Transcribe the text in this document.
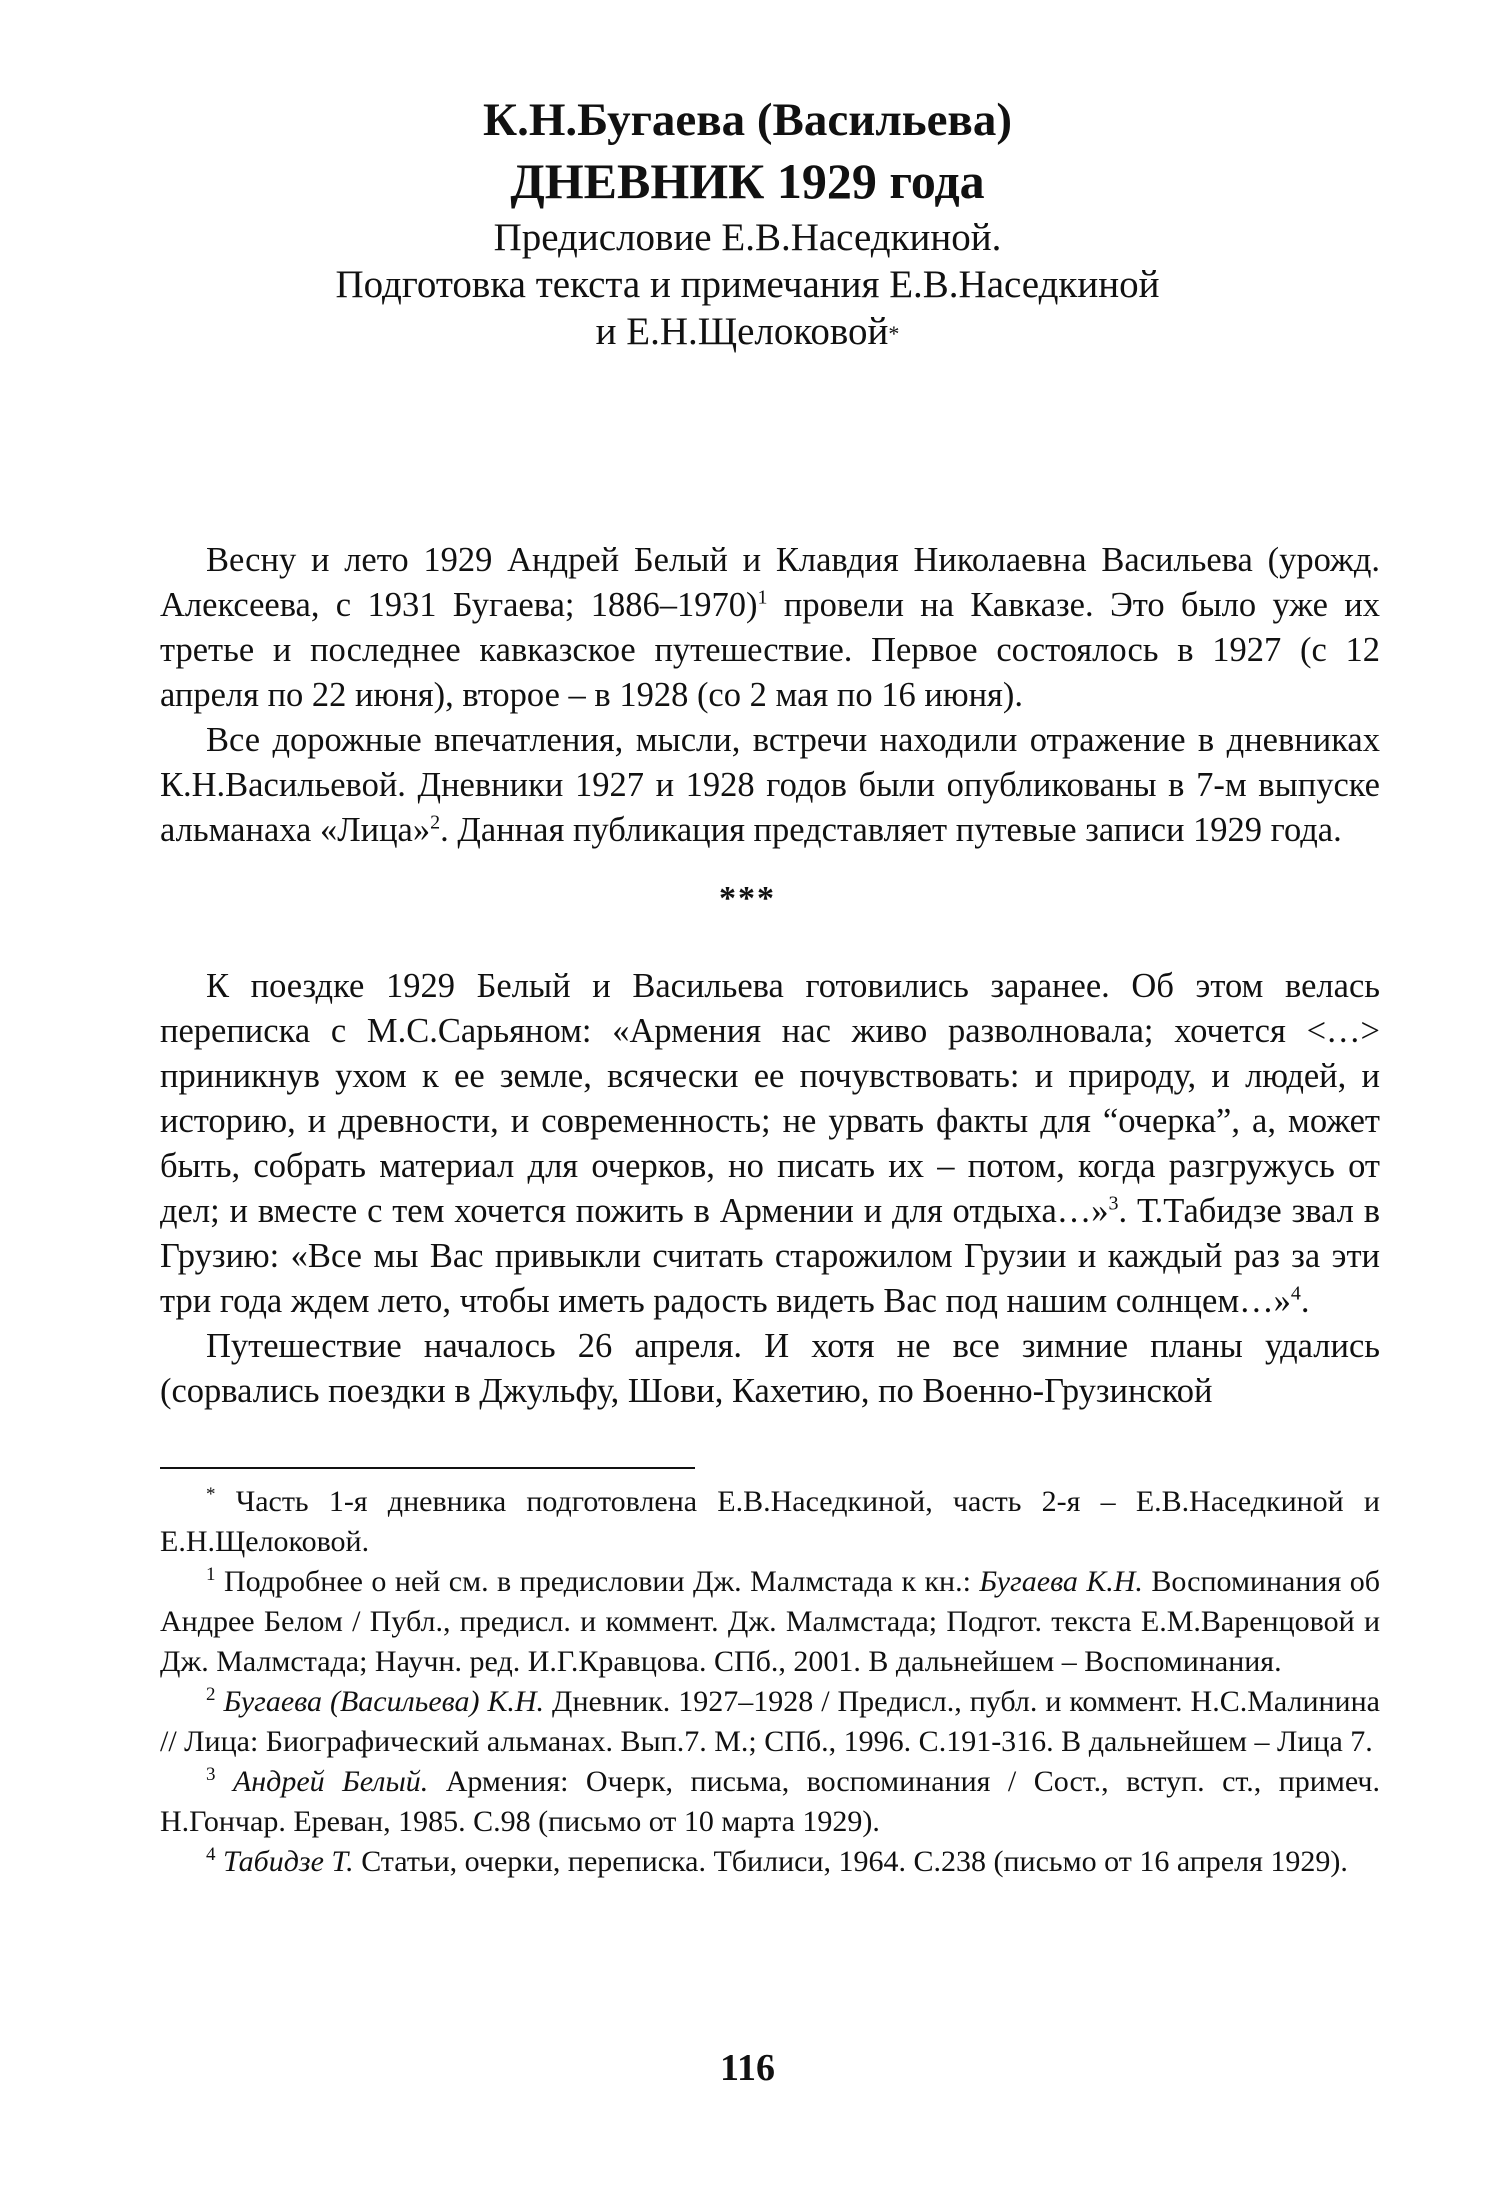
К.Н.Бугаева (Васильева)
ДНЕВНИК 1929 года
Предисловие Е.В.Наседкиной.
Подготовка текста и примечания Е.В.Наседкиной
и Е.Н.Щелоковой*

Весну и лето 1929 Андрей Белый и Клавдия Николаевна Васильева (урожд. Алексеева, с 1931 Бугаева; 1886–1970)$^1$ провели на Кавказе. Это было уже их третье и последнее кавказское путешествие. Первое состоялось в 1927 (с 12 апреля по 22 июня), второе – в 1928 (со 2 мая по 16 июня).

Все дорожные впечатления, мысли, встречи находили отражение в дневниках К.Н.Васильевой. Дневники 1927 и 1928 годов были опубликованы в 7-м выпуске альманаха «Лица»$^2$. Данная публикация представляет путевые записи 1929 года.

***

К поездке 1929 Белый и Васильева готовились заранее. Об этом велась переписка с М.С.Сарьяном: «Армения нас живо разволновала; хочется <…> приникнув ухом к ее земле, всячески ее почувствовать: и природу, и людей, и историю, и древности, и современность; не урвать факты для “очерка”, а, может быть, собрать материал для очерков, но писать их – потом, когда разгружусь от дел; и вместе с тем хочется пожить в Армении и для отдыха…»$^3$. Т.Табидзе звал в Грузию: «Все мы Вас привыкли считать старожилом Грузии и каждый раз за эти три года ждем лето, чтобы иметь радость видеть Вас под нашим солнцем…»$^4$.

Путешествие началось 26 апреля. И хотя не все зимние планы удались (сорвались поездки в Джульфу, Шови, Кахетию, по Военно-Грузинской

* Часть 1-я дневника подготовлена Е.В.Наседкиной, часть 2-я – Е.В.Наседкиной и Е.Н.Щелоковой.

$^1$ Подробнее о ней см. в предисловии Дж. Малмстада к кн.: Бугаева К.Н. Воспоминания об Андрее Белом / Публ., предисл. и коммент. Дж. Малмстада; Подгот. текста Е.М.Варенцовой и Дж. Малмстада; Научн. ред. И.Г.Кравцова. СПб., 2001. В дальнейшем – Воспоминания.

$^2$ Бугаева (Васильева) К.Н. Дневник. 1927–1928 / Предисл., публ. и коммент. Н.С.Малинина // Лица: Биографический альманах. Вып.7. М.; СПб., 1996. С.191-316. В дальнейшем – Лица 7.

$^3$ Андрей Белый. Армения: Очерк, письма, воспоминания / Сост., вступ. ст., примеч. Н.Гончар. Ереван, 1985. С.98 (письмо от 10 марта 1929).

$^4$ Табидзе Т. Статьи, очерки, переписка. Тбилиси, 1964. С.238 (письмо от 16 апреля 1929).

116
